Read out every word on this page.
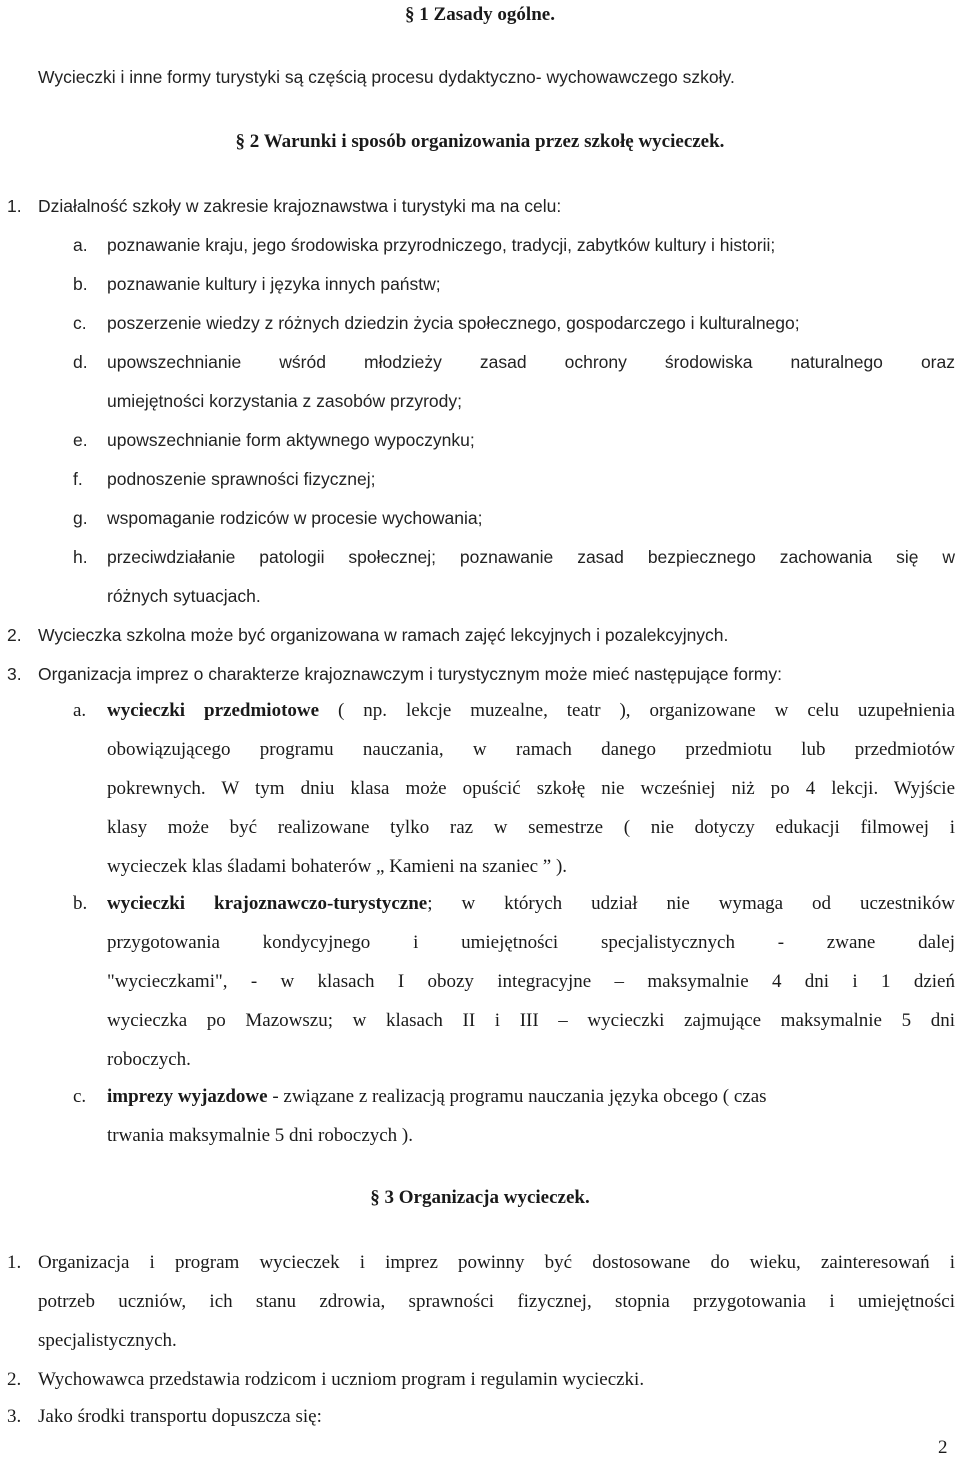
§ 1 Zasady ogólne.

Wycieczki i inne formy turystyki są częścią procesu dydaktyczno- wychowawczego szkoły.

§ 2 Warunki i sposób organizowania przez szkołę wycieczek.

1. Działalność szkoły w zakresie krajoznawstwa i turystyki ma na celu:
a. poznawanie kraju, jego środowiska przyrodniczego, tradycji, zabytków kultury i historii;
b. poznawanie kultury i języka innych państw;
c. poszerzenie wiedzy z różnych dziedzin życia społecznego, gospodarczego i kulturalnego;
d. upowszechnianie wśród młodzieży zasad ochrony środowiska naturalnego oraz
umiejętności korzystania z zasobów przyrody;
e. upowszechnianie form aktywnego wypoczynku;
f. podnoszenie sprawności fizycznej;
g. wspomaganie rodziców w procesie wychowania;
h. przeciwdziałanie patologii społecznej; poznawanie zasad bezpiecznego zachowania się w
różnych sytuacjach.
2. Wycieczka szkolna może być organizowana w ramach zajęć lekcyjnych i pozalekcyjnych.
3. Organizacja imprez o charakterze krajoznawczym i turystycznym może mieć następujące formy:
a. wycieczki przedmiotowe ( np. lekcje muzealne, teatr ), organizowane w celu uzupełnienia

obowiązującego programu nauczania, w ramach danego przedmiotu lub przedmiotów

pokrewnych. W tym dniu klasa może opuścić szkołę nie wcześniej niż po 4 lekcji. Wyjście

klasy może być realizowane tylko raz w semestrze ( nie dotyczy edukacji filmowej i

wycieczek klas śladami bohaterów „ Kamieni na szaniec ” ).

b. wycieczki krajoznawczo-turystyczne; w których udział nie wymaga od uczestników

przygotowania kondycyjnego i umiejętności specjalistycznych - zwane dalej

"wycieczkami", - w klasach I obozy integracyjne – maksymalnie 4 dni i 1 dzień

wycieczka po Mazowszu; w klasach II i III – wycieczki zajmujące maksymalnie 5 dni

roboczych.

c. imprezy wyjazdowe - związane z realizacją programu nauczania języka obcego ( czas

trwania maksymalnie 5 dni roboczych ).

§ 3 Organizacja wycieczek.

1. Organizacja i program wycieczek i imprez powinny być dostosowane do wieku, zainteresowań i

potrzeb uczniów, ich stanu zdrowia, sprawności fizycznej, stopnia przygotowania i umiejętności

specjalistycznych.

2. Wychowawca przedstawia rodzicom i uczniom program i regulamin wycieczki.

3. Jako środki transportu dopuszcza się:

2
